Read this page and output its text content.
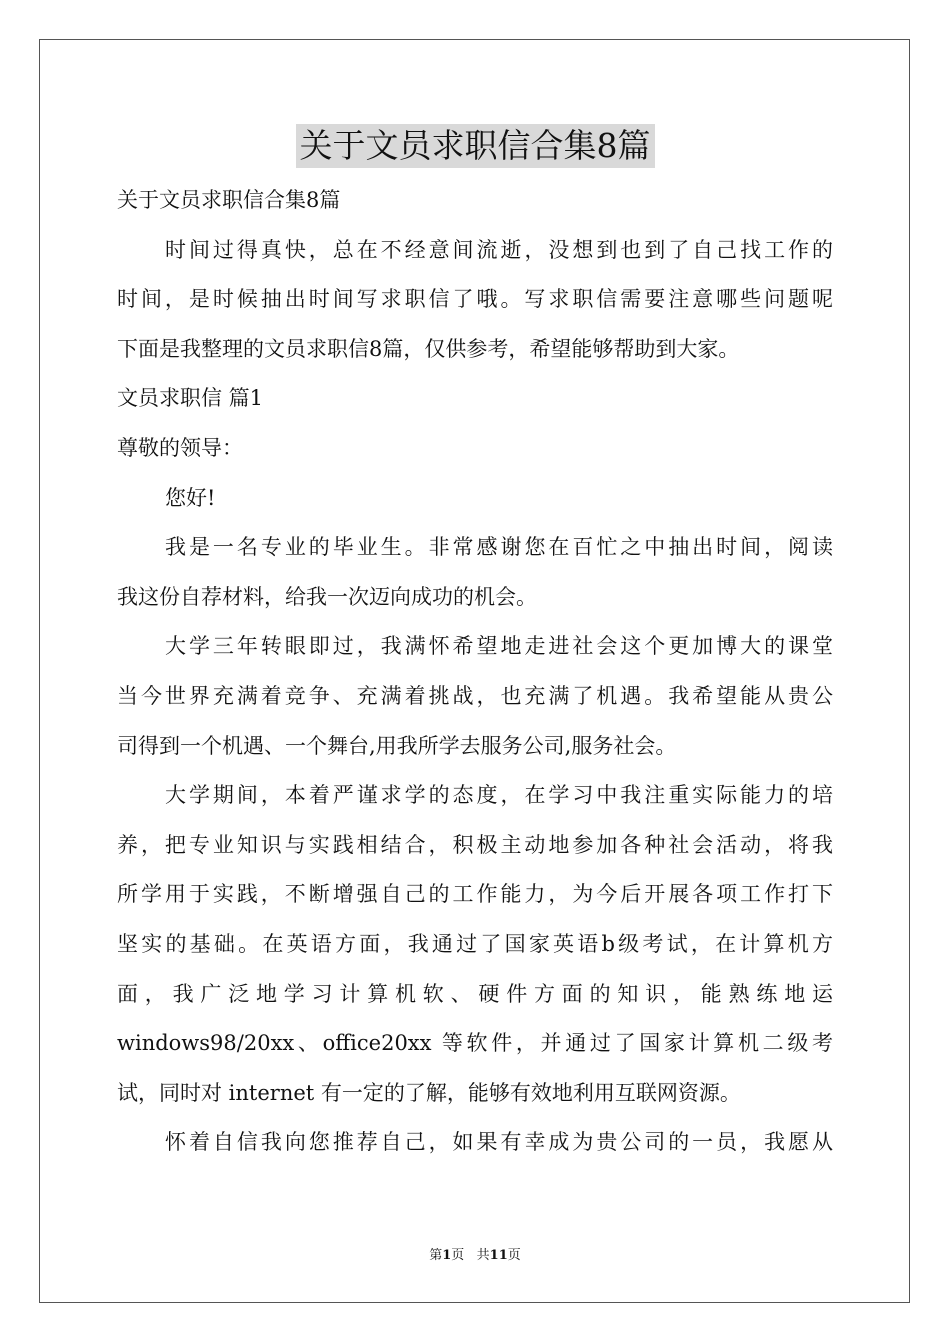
关于文员求职信合集8篇
关于文员求职信合集8篇
时间过得真快，总在不经意间流逝，没想到也到了自己找工作的
时间，是时候抽出时间写求职信了哦。写求职信需要注意哪些问题呢
下面是我整理的文员求职信8篇，仅供参考，希望能够帮助到大家。
文员求职信 篇1
尊敬的领导：
您好!
我是一名专业的毕业生。非常感谢您在百忙之中抽出时间，阅读
我这份自荐材料，给我一次迈向成功的机会。
大学三年转眼即过，我满怀希望地走进社会这个更加博大的课堂
当今世界充满着竞争、充满着挑战，也充满了机遇。我希望能从贵公
司得到一个机遇、一个舞台,用我所学去服务公司,服务社会。
大学期间，本着严谨求学的态度，在学习中我注重实际能力的培
养，把专业知识与实践相结合，积极主动地参加各种社会活动，将我
所学用于实践，不断增强自己的工作能力，为今后开展各项工作打下
坚实的基础。在英语方面，我通过了国家英语b级考试，在计算机方
面 ， 我 广 泛 地 学 习 计 算 机 软 、 硬 件 方 面 的 知 识 ， 能 熟 练 地 运
windows98/20xx、office20xx 等软件，并通过了国家计算机二级考
试，同时对 internet 有一定的了解，能够有效地利用互联网资源。
怀着自信我向您推荐自己，如果有幸成为贵公司的一员，我愿从
第1页   共11页
